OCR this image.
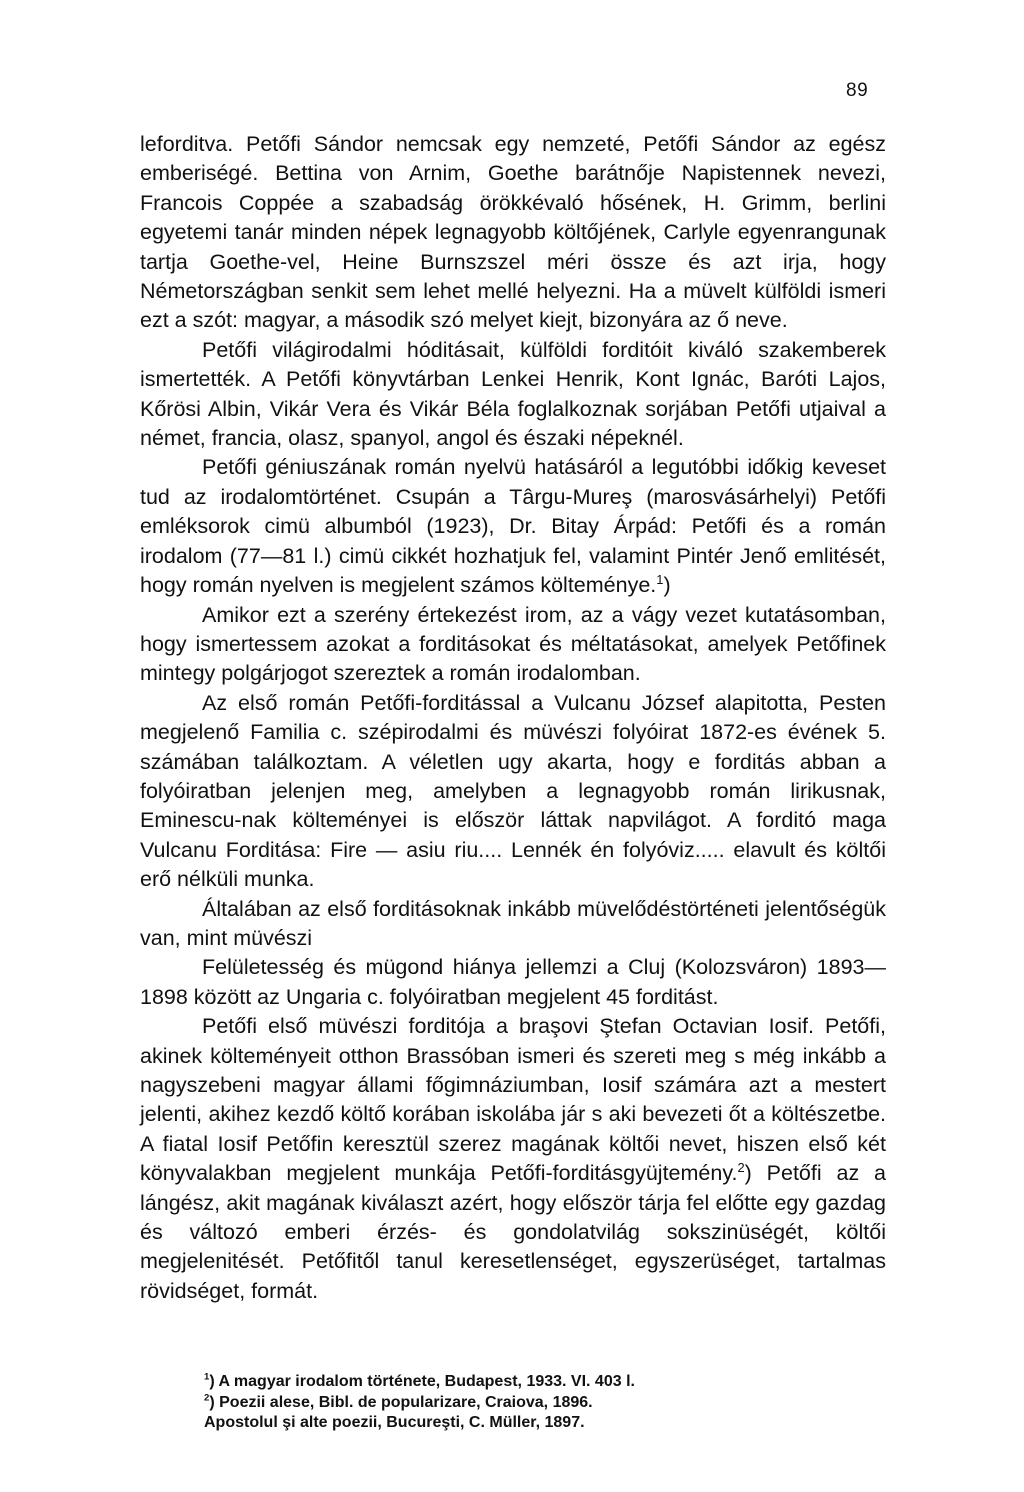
89

leforditva. Petőfi Sándor nemcsak egy nemzeté, Petőfi Sándor az egész emberiségé. Bettina von Arnim, Goethe barátnője Napistennek nevezi, Francois Coppée a szabadság örökkévaló hősének, H. Grimm, berlini egyetemi tanár minden népek legnagyobb költőjének, Carlyle egyenrangunak tartja Goethe-vel, Heine Burnszszel méri össze és azt irja, hogy Németországban senkit sem lehet mellé helyezni. Ha a müvelt külföldi ismeri ezt a szót: magyar, a második szó melyet kiejt, bizonyára az ő neve.

Petőfi világirodalmi hóditásait, külföldi forditóit kiváló szakemberek ismertették. A Petőfi könyvtárban Lenkei Henrik, Kont Ignác, Baróti Lajos, Kőrösi Albin, Vikár Vera és Vikár Béla foglalkoznak sorjában Petőfi utjaival a német, francia, olasz, spanyol, angol és északi népeknél.

Petőfi géniuszának román nyelvü hatásáról a legutóbbi időkig keveset tud az irodalomtörténet. Csupán a Târgu-Mureş (marosvásárhelyi) Petőfi emléksorok cimü albumból (1923), Dr. Bitay Árpád: Petőfi és a román irodalom (77—81 l.) cimü cikkét hozhatjuk fel, valamint Pintér Jenő emlitését, hogy román nyelven is megjelent számos költeménye.$^1$)

Amikor ezt a szerény értekezést irom, az a vágy vezet kutatásomban, hogy ismertessem azokat a forditásokat és méltatásokat, amelyek Petőfinek mintegy polgárjogot szereztek a román irodalomban.

Az első román Petőfi-forditással a Vulcanu József alapitotta, Pesten megjelenő Familia c. szépirodalmi és müvészi folyóirat 1872-es évének 5. számában találkoztam. A véletlen ugy akarta, hogy e forditás abban a folyóiratban jelenjen meg, amelyben a legnagyobb román lirikusnak, Eminescu-nak költeményei is először láttak napvilágot. A forditó maga Vulcanu Forditása: Fire — asiu riu.... Lennék én folyóviz..... elavult és költői erő nélküli munka.

Általában az első forditásoknak inkább müvelődéstörténeti jelentőségük van, mint müvészi

Felületesség és mügond hiánya jellemzi a Cluj (Kolozsváron) 1893—1898 között az Ungaria c. folyóiratban megjelent 45 forditást.

Petőfi első müvészi forditója a braşovi Ştefan Octavian Iosif. Petőfi, akinek költeményeit otthon Brassóban ismeri és szereti meg s még inkább a nagyszebeni magyar állami főgimnáziumban, Iosif számára azt a mestert jelenti, akihez kezdő költő korában iskolába jár s aki bevezeti őt a költészetbe. A fiatal Iosif Petőfin keresztül szerez magának költői nevet, hiszen első két könyvalakban megjelent munkája Petőfi-forditásgyüjtemény.$^2$) Petőfi az a lángész, akit magának kiválaszt azért, hogy először tárja fel előtte egy gazdag és változó emberi érzés- és gondolatvilág sokszinüségét, költői megjelenitését. Petőfitől tanul keresetlenséget, egyszerüséget, tartalmas rövidséget, formát.

$^1$) A magyar irodalom története, Budapest, 1933. VI. 403 l.

$^2$) Poezii alese, Bibl. de popularizare, Craiova, 1896.

Apostolul şi alte poezii, Bucureşti, C. Müller, 1897.
